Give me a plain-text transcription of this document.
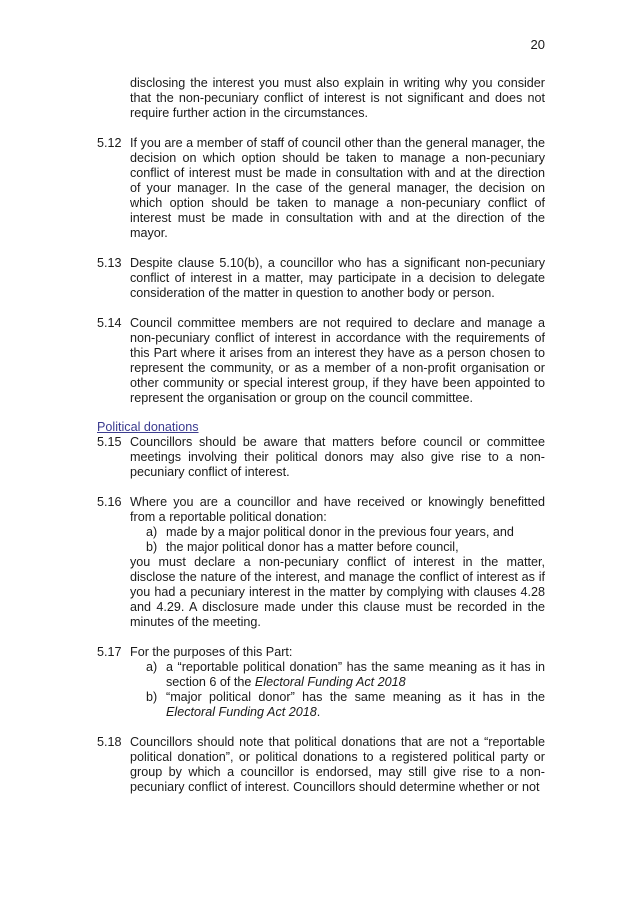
20
disclosing the interest you must also explain in writing why you consider that the non-pecuniary conflict of interest is not significant and does not require further action in the circumstances.
5.12 If you are a member of staff of council other than the general manager, the decision on which option should be taken to manage a non-pecuniary conflict of interest must be made in consultation with and at the direction of your manager. In the case of the general manager, the decision on which option should be taken to manage a non-pecuniary conflict of interest must be made in consultation with and at the direction of the mayor.
5.13 Despite clause 5.10(b), a councillor who has a significant non-pecuniary conflict of interest in a matter, may participate in a decision to delegate consideration of the matter in question to another body or person.
5.14 Council committee members are not required to declare and manage a non-pecuniary conflict of interest in accordance with the requirements of this Part where it arises from an interest they have as a person chosen to represent the community, or as a member of a non-profit organisation or other community or special interest group, if they have been appointed to represent the organisation or group on the council committee.
Political donations
5.15 Councillors should be aware that matters before council or committee meetings involving their political donors may also give rise to a non-pecuniary conflict of interest.
5.16 Where you are a councillor and have received or knowingly benefitted from a reportable political donation:
a) made by a major political donor in the previous four years, and
b) the major political donor has a matter before council,
you must declare a non-pecuniary conflict of interest in the matter, disclose the nature of the interest, and manage the conflict of interest as if you had a pecuniary interest in the matter by complying with clauses 4.28 and 4.29. A disclosure made under this clause must be recorded in the minutes of the meeting.
5.17 For the purposes of this Part:
a) a “reportable political donation” has the same meaning as it has in section 6 of the Electoral Funding Act 2018
b) “major political donor” has the same meaning as it has in the Electoral Funding Act 2018.
5.18 Councillors should note that political donations that are not a “reportable political donation”, or political donations to a registered political party or group by which a councillor is endorsed, may still give rise to a non-pecuniary conflict of interest. Councillors should determine whether or not
